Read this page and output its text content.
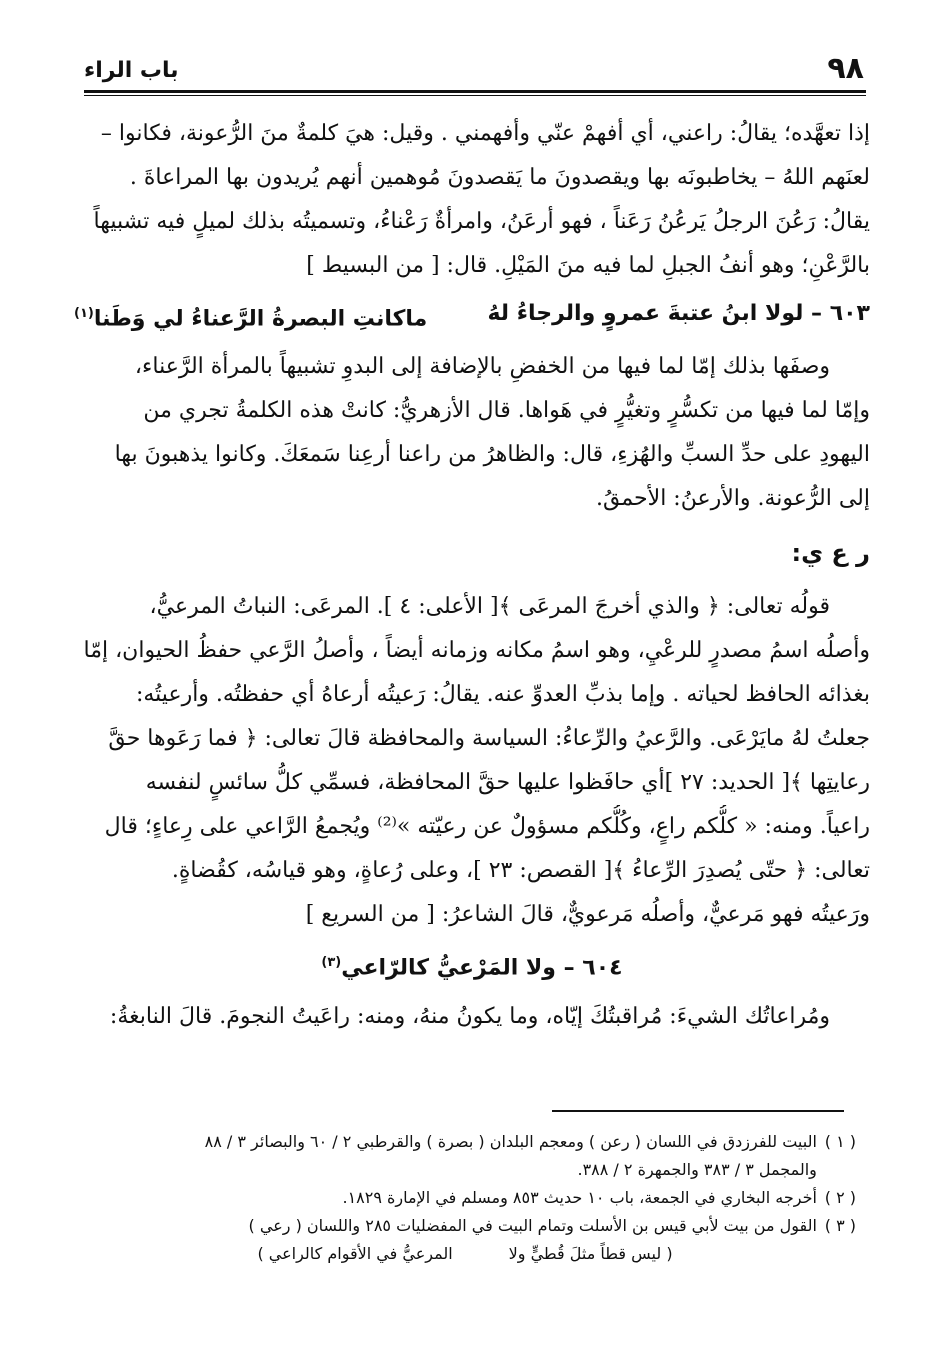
٩٨
باب الراء
إذا تعهَّده؛ يقالُ: راعني، أي أفهمْ عنّي وأفهمني . وقيل: هيَ كلمةٌ منَ الرُّعونة، فكانوا –
لعنَهم اللهُ – يخاطبونَه بها ويقصدونَ ما يَقصدونَ مُوهمين أنهم يُريدون بها المراعاةَ .
يقالُ: رَعُنَ الرجلُ يَرعُنُ رَعَناً ، فهو أرعَنُ، وامرأةٌ رَعْناءُ، وتسميتُه بذلك لميلٍ فيه تشبيهاً
بالرَّعْنِ؛ وهو أنفُ الجبلِ لما فيه منَ المَيْلِ. قال: [ من البسيط ]
٦٠٣ – لولا ابنُ عتبةَ عمروٍ والرجاءُ لهُ
ماكانتِ البصرةُ الرَّعناءُ لي وَطَنا$^{(١)}$
وصفَها بذلك إمّا لما فيها من الخفضِ بالإضافة إلى البدوِ تشبيهاً بالمرأة الرَّعناء،
وإمّا لما فيها من تكسُّرٍ وتغيُّرٍ في هَواها. قال الأزهريُّ: كانتْ هذه الكلمةُ تجري من
اليهودِ على حدِّ السبِّ والهُزءِ، قال: والظاهرُ من راعنا أرعِنا سَمعَكَ. وكانوا يذهبونَ بها
إلى الرُّعونة. والأرعنُ: الأحمقُ.
ر ع ي:
قولُه تعالى: ﴿ والذي أخرجَ المرعَى ﴾[ الأعلى: ٤ ]. المرعَى: النباتُ المرعيُّ،
وأصلُه اسمُ مصدرٍ للرعْيِ، وهو اسمُ مكانه وزمانه أيضاً ، وأصلُ الرَّعي حفظُ الحيوان، إمّا
بغذائه الحافظ لحياته . وإما بذبِّ العدوِّ عنه. يقالُ: رَعيتُه أرعاهُ أي حفظتُه. وأرعيتُه:
جعلتُ لهُ مايَرْعَى. والرَّعيُ والرِّعاءُ: السياسة والمحافظة قالَ تعالى: ﴿ فما رَعَوها حقَّ
رعايتِها ﴾[ الحديد: ٢٧ ]أي حافَظوا عليها حقَّ المحافظة، فسمِّي كلُّ سائسٍ لنفسه
راعياً. ومنه: « كلُّكم راعٍ، وكُلُّكم مسؤولٌ عن رعيّته »⁽²⁾ ويُجمعُ الرَّاعي على رِعاءٍ؛ قال
تعالى: ﴿ حتّى يُصدِرَ الرِّعاءُ ﴾[ القصص: ٢٣ ]، وعلى رُعاةٍ، وهو قياسُه، كقُضاةٍ.
ورَعيتُه فهو مَرعيٌّ، وأصلُه مَرعويٌّ، قالَ الشاعرُ: [ من السريع ]
٦٠٤ – ولا المَرْعيُّ كالرّاعي$^{(٣)}$
ومُراعاتُك الشيءَ: مُراقبتُكَ إيّاه، وما يكونُ منهُ، ومنه: راعَيتُ النجومَ. قالَ النابغةُ:
( ١ ) البيت للفرزدق في اللسان ( رعن ) ومعجم البلدان ( بصرة ) والقرطبي ٢ / ٦٠ والبصائر ٣ / ٨٨
والمجمل ٣ / ٣٨٣ والجمهرة ٢ / ٣٨٨.
( ٢ ) أخرجه البخاري في الجمعة، باب ١٠ حديث ٨٥٣ ومسلم في الإمارة ١٨٢٩.
( ٣ ) القول من بيت لأبي قيس بن الأسلت وتمام البيت في المفضليات ٢٨٥ واللسان ( رعي )
( ليس قطاً مثلَ قُطيٍّ ولا
المرعيُّ في الأقوام كالراعي )
